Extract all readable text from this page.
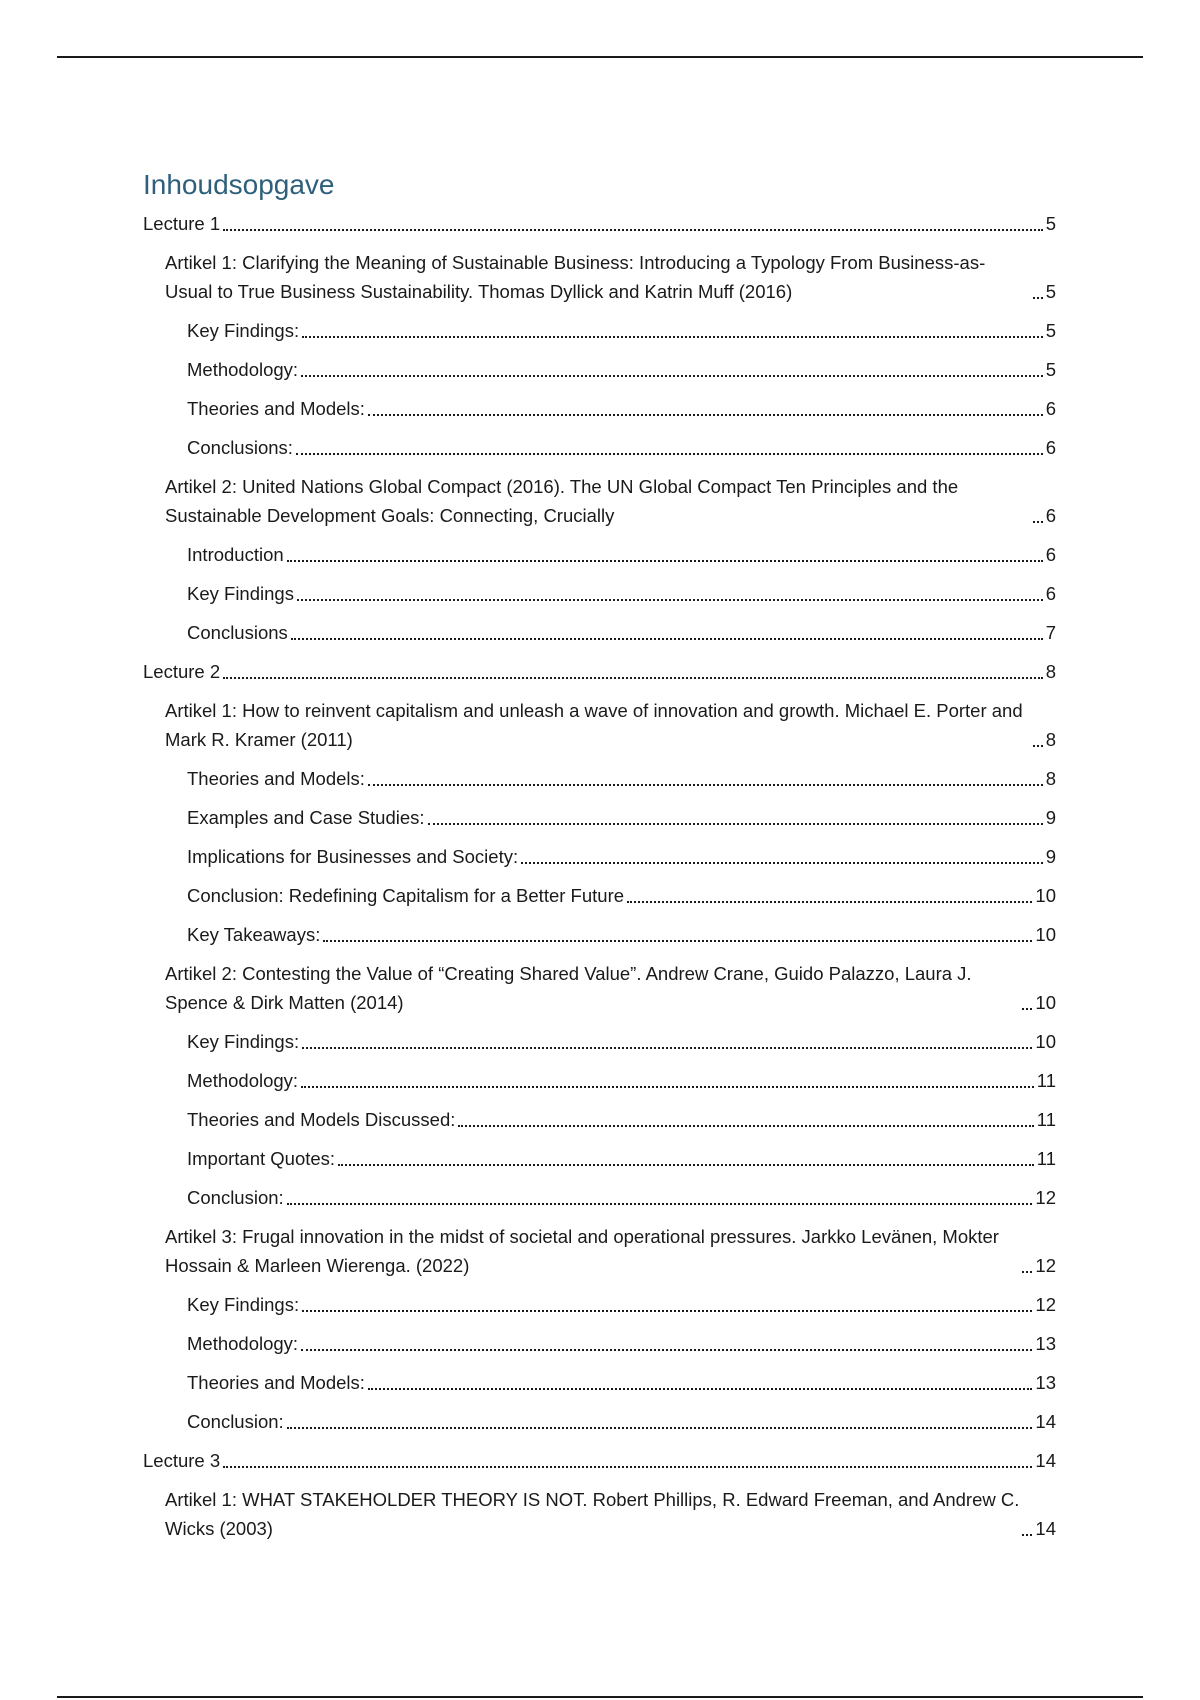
Inhoudsopgave
Lecture 1	5
Artikel 1: Clarifying the Meaning of Sustainable Business: Introducing a Typology From Business-as-Usual to True Business Sustainability. Thomas Dyllick and Katrin Muff (2016)	5
Key Findings:	5
Methodology:	5
Theories and Models:	6
Conclusions:	6
Artikel 2: United Nations Global Compact (2016). The UN Global Compact Ten Principles and the Sustainable Development Goals: Connecting, Crucially	6
Introduction	6
Key Findings	6
Conclusions	7
Lecture 2	8
Artikel 1: How to reinvent capitalism and unleash a wave of innovation and growth. Michael E. Porter and Mark R. Kramer (2011)	8
Theories and Models:	8
Examples and Case Studies:	9
Implications for Businesses and Society:	9
Conclusion: Redefining Capitalism for a Better Future	10
Key Takeaways:	10
Artikel 2: Contesting the Value of “Creating Shared Value”. Andrew Crane, Guido Palazzo, Laura J. Spence & Dirk Matten (2014)	10
Key Findings:	10
Methodology:	11
Theories and Models Discussed:	11
Important Quotes:	11
Conclusion:	12
Artikel 3: Frugal innovation in the midst of societal and operational pressures. Jarkko Levänen, Mokter Hossain & Marleen Wierenga. (2022)	12
Key Findings:	12
Methodology:	13
Theories and Models:	13
Conclusion:	14
Lecture 3	14
Artikel 1: WHAT STAKEHOLDER THEORY IS NOT. Robert Phillips, R. Edward Freeman, and Andrew C. Wicks (2003)	14
